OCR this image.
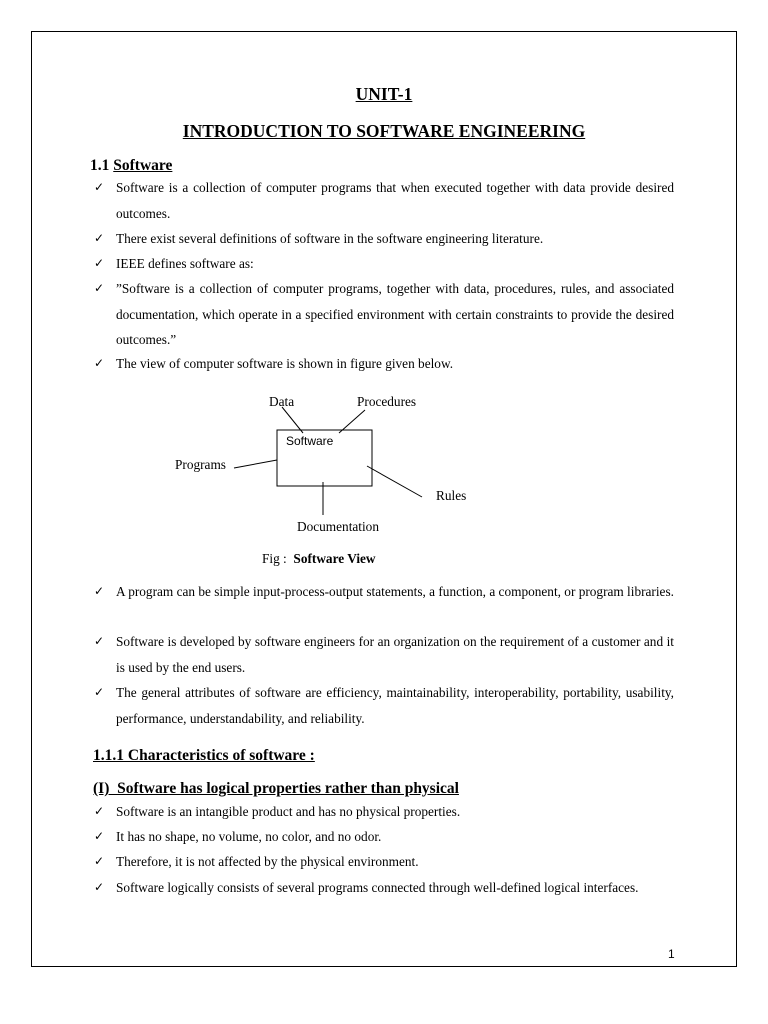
UNIT-1
INTRODUCTION TO SOFTWARE ENGINEERING
1.1 Software
✓ Software is a collection of computer programs that when executed together with data provide desired outcomes.
✓ There exist several definitions of software in the software engineering literature.
✓ IEEE defines software as:
✓ ”Software is a collection of computer programs, together with data, procedures, rules, and associated documentation, which operate in a specified environment with certain constraints to provide the desired outcomes.”
✓ The view of computer software is shown in figure given below.
Software
Data	Procedures
Programs
Rules
Documentation
Fig : Software View
✓ A program can be simple input-process-output statements, a function, a component, or program libraries.
✓ Software is developed by software engineers for an organization on the requirement of a customer and it is used by the end users.
✓ The general attributes of software are efficiency, maintainability, interoperability, portability, usability, performance, understandability, and reliability.
1.1.1 Characteristics of software :
(I)  Software has logical properties rather than physical
✓ Software is an intangible product and has no physical properties.
✓ It has no shape, no volume, no color, and no odor.
✓ Therefore, it is not affected by the physical environment.
✓ Software logically consists of several programs connected through well-defined logical interfaces.
1
